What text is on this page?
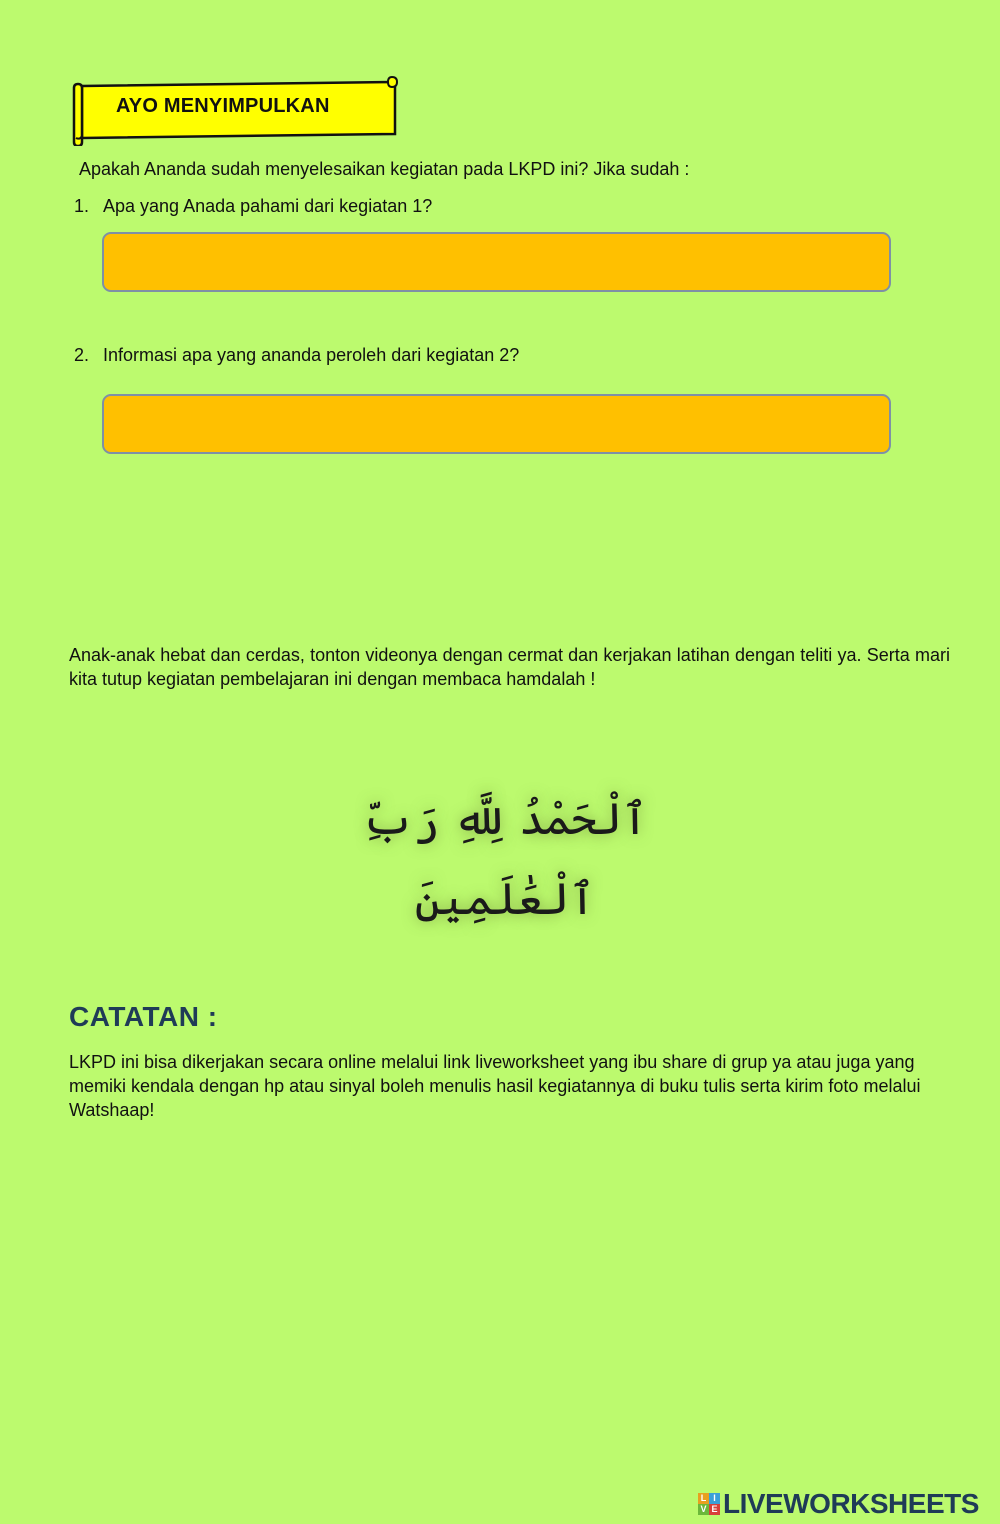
AYO MENYIMPULKAN
Apakah Ananda sudah menyelesaikan kegiatan pada LKPD ini? Jika sudah :
1. Apa yang Anada pahami dari kegiatan 1?
2. Informasi apa yang ananda peroleh dari kegiatan 2?
Anak-anak hebat dan cerdas, tonton videonya dengan cermat dan kerjakan latihan dengan teliti ya. Serta mari kita tutup kegiatan pembelajaran ini dengan membaca hamdalah !
ٱلْحَمْدُ لِلَّهِ رَبِّ ٱلْعَٰلَمِينَ
CATATAN :
LKPD ini bisa dikerjakan secara online melalui link liveworksheet yang ibu share di grup ya atau juga yang memiki kendala dengan hp atau sinyal boleh menulis hasil kegiatannya di buku tulis serta kirim foto melalui Watshaap!
L I
V E LIVEWORKSHEETS
